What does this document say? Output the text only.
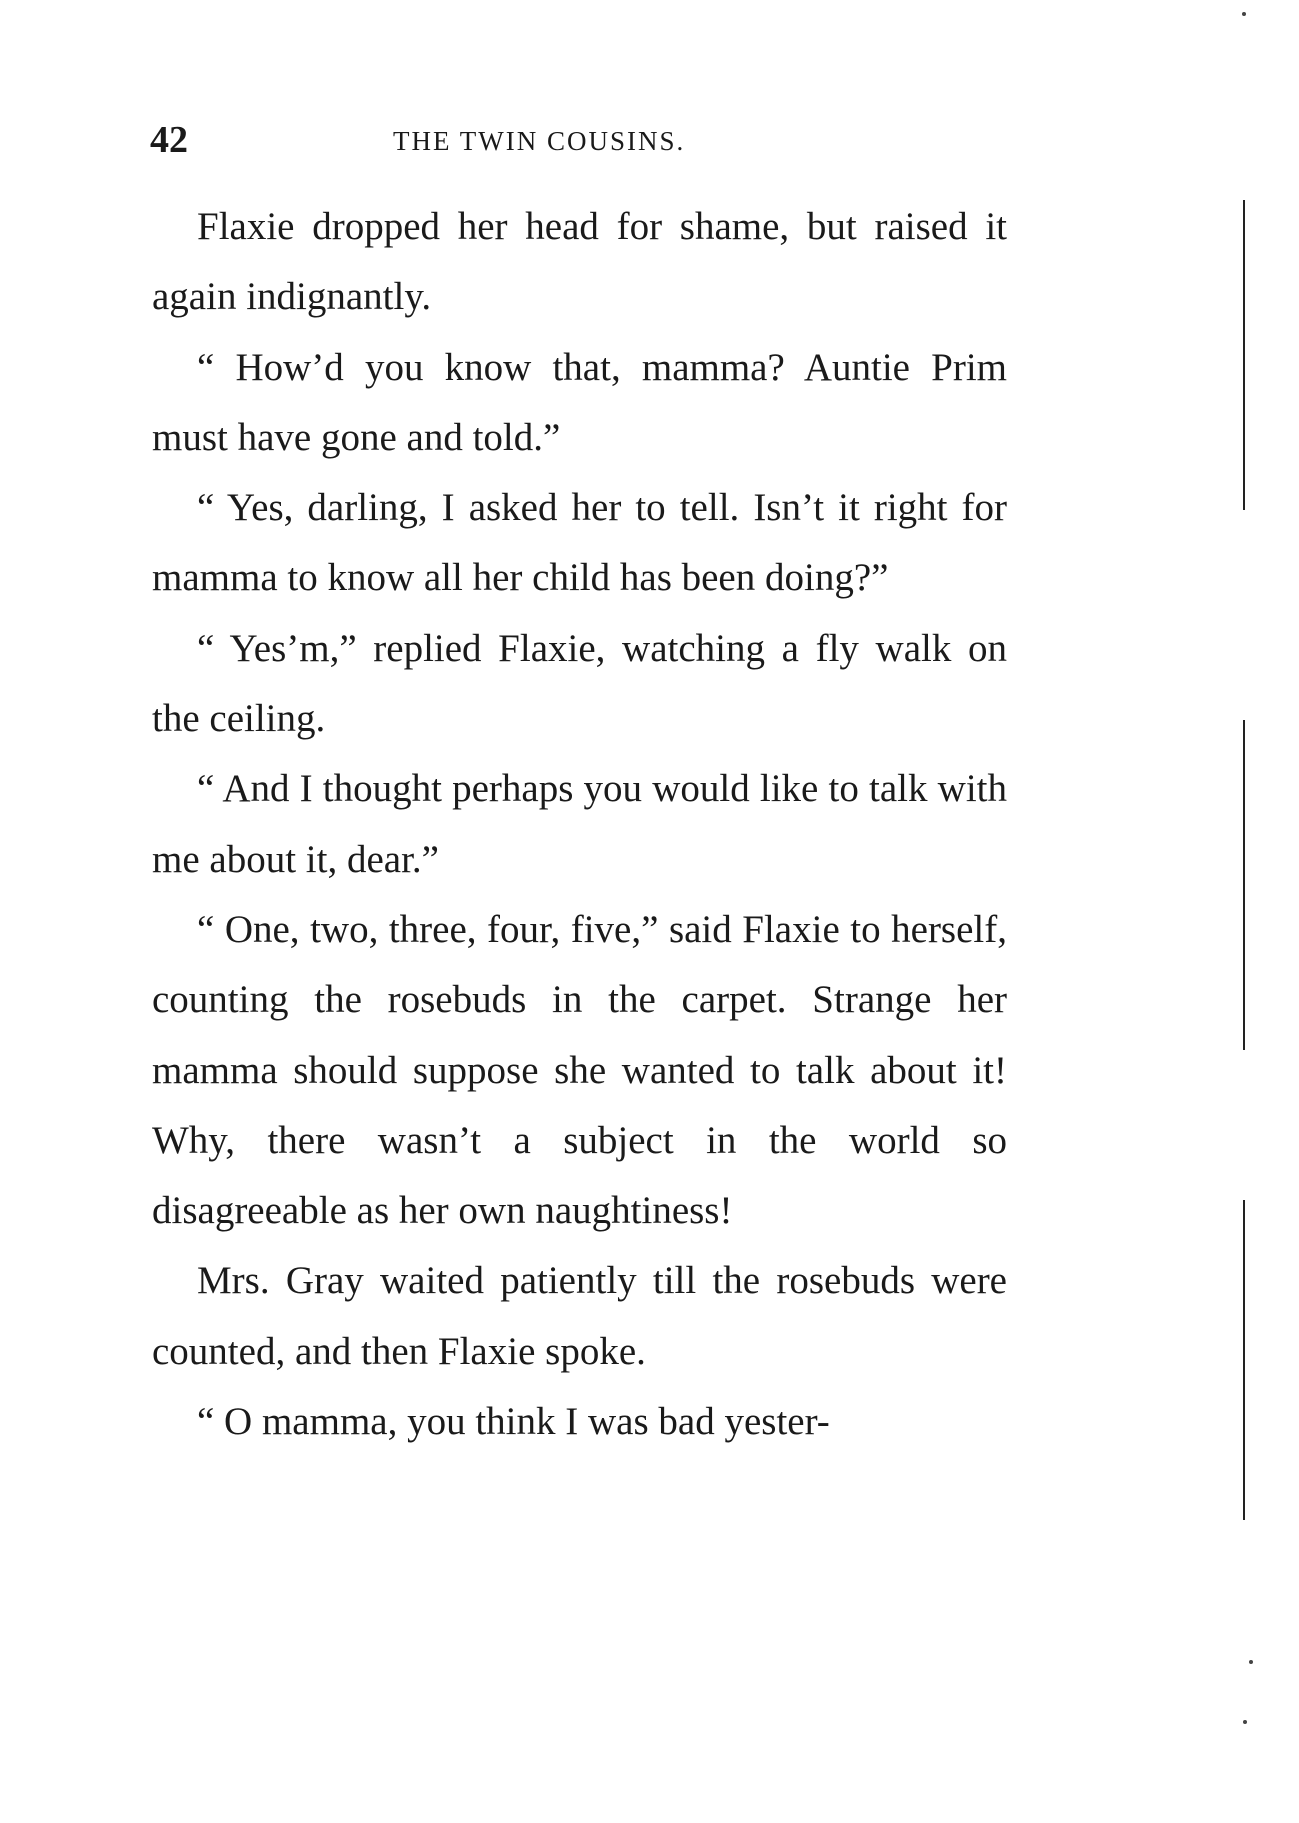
42	THE TWIN COUSINS.

Flaxie dropped her head for shame, but raised it again indignantly.

“ How’d you know that, mamma? Auntie Prim must have gone and told.”

“ Yes, darling, I asked her to tell. Isn’t it right for mamma to know all her child has been doing?”

“ Yes’m,” replied Flaxie, watching a fly walk on the ceiling.

“ And I thought perhaps you would like to talk with me about it, dear.”

“ One, two, three, four, five,” said Flaxie to herself, counting the rosebuds in the carpet. Strange her mamma should suppose she wanted to talk about it! Why, there wasn’t a subject in the world so disagreeable as her own naughtiness!

Mrs. Gray waited patiently till the rosebuds were counted, and then Flaxie spoke.

“ O mamma, you think I was bad yester-
